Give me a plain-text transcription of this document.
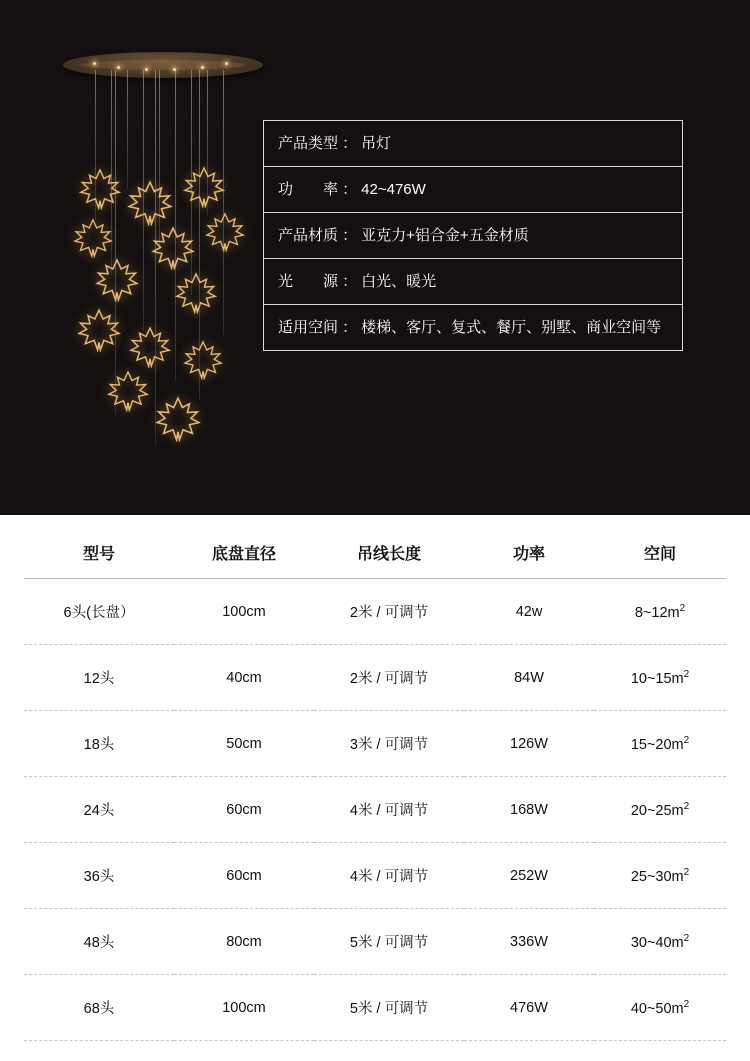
产品类型 ： 吊灯
功　　率 ： 42~476W
产品材质 ： 亚克力+铝合金+五金材质
光　　源 ： 白光、暖光
适用空间 ： 楼梯、客厅、复式、餐厅、别墅、商业空间等
型号	底盘直径	吊线长度	功率	空间
6头(长盘）	100cm	2米 / 可调节	42w	$8\sim 12m^2$
12头	40cm	2米 / 可调节	84W	$10\sim 15m^2$
18头	50cm	3米 / 可调节	126W	$15\sim 20m^2$
24头	60cm	4米 / 可调节	168W	$20\sim 25m^2$
36头	60cm	4米 / 可调节	252W	$25\sim 30m^2$
48头	80cm	5米 / 可调节	336W	$30\sim 40m^2$
68头	100cm	5米 / 可调节	476W	$40\sim 50m^2$
